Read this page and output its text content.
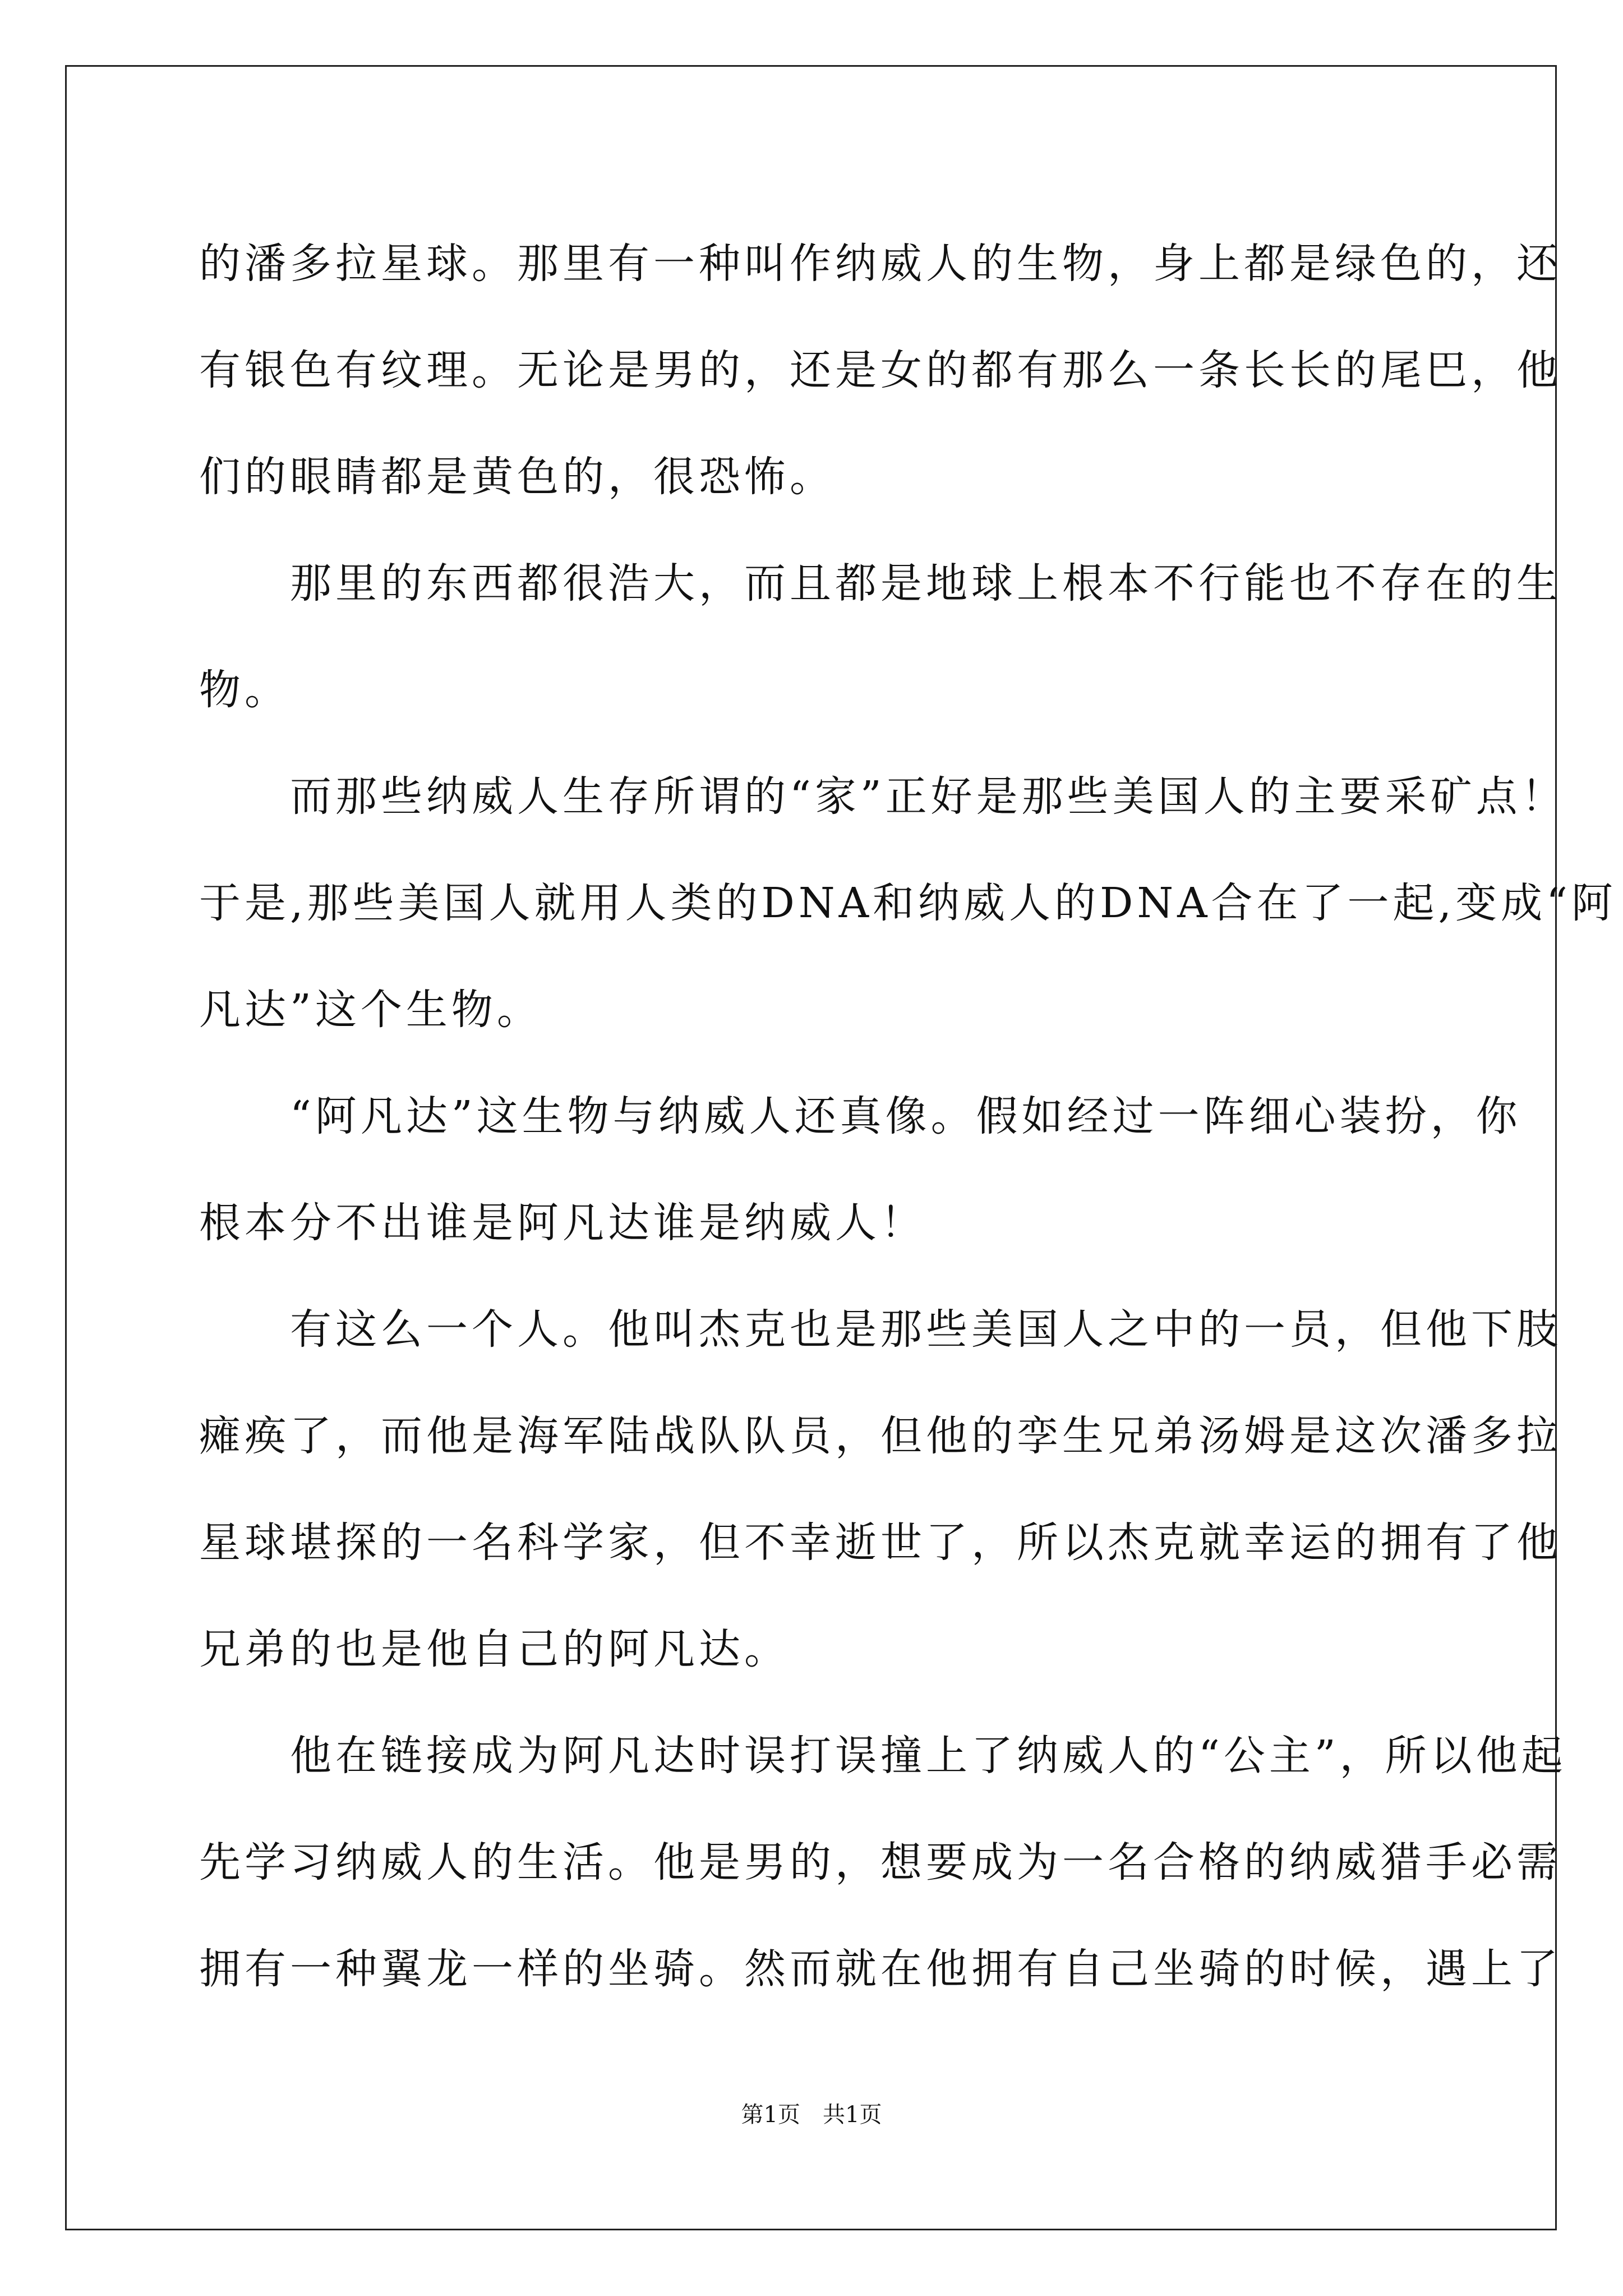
的潘多拉星球。那里有一种叫作纳威人的生物，身上都是绿色的，还
有银色有纹理。无论是男的，还是女的都有那么一条长长的尾巴，他
们的眼睛都是黄色的，很恐怖。
　　那里的东西都很浩大，而且都是地球上根本不行能也不存在的生
物。
　　而那些纳威人生存所谓的“家”正好是那些美国人的主要采矿点！
于是,那些美国人就用人类的DNA和纳威人的DNA合在了一起,变成“阿
凡达”这个生物。
　　“阿凡达”这生物与纳威人还真像。假如经过一阵细心装扮，你
根本分不出谁是阿凡达谁是纳威人！
　　有这么一个人。他叫杰克也是那些美国人之中的一员，但他下肢
瘫痪了，而他是海军陆战队队员，但他的孪生兄弟汤姆是这次潘多拉
星球堪探的一名科学家，但不幸逝世了，所以杰克就幸运的拥有了他
兄弟的也是他自己的阿凡达。
　　他在链接成为阿凡达时误打误撞上了纳威人的“公主”，所以他起
先学习纳威人的生活。他是男的，想要成为一名合格的纳威猎手必需
拥有一种翼龙一样的坐骑。然而就在他拥有自己坐骑的时候，遇上了
第1页 共1页
